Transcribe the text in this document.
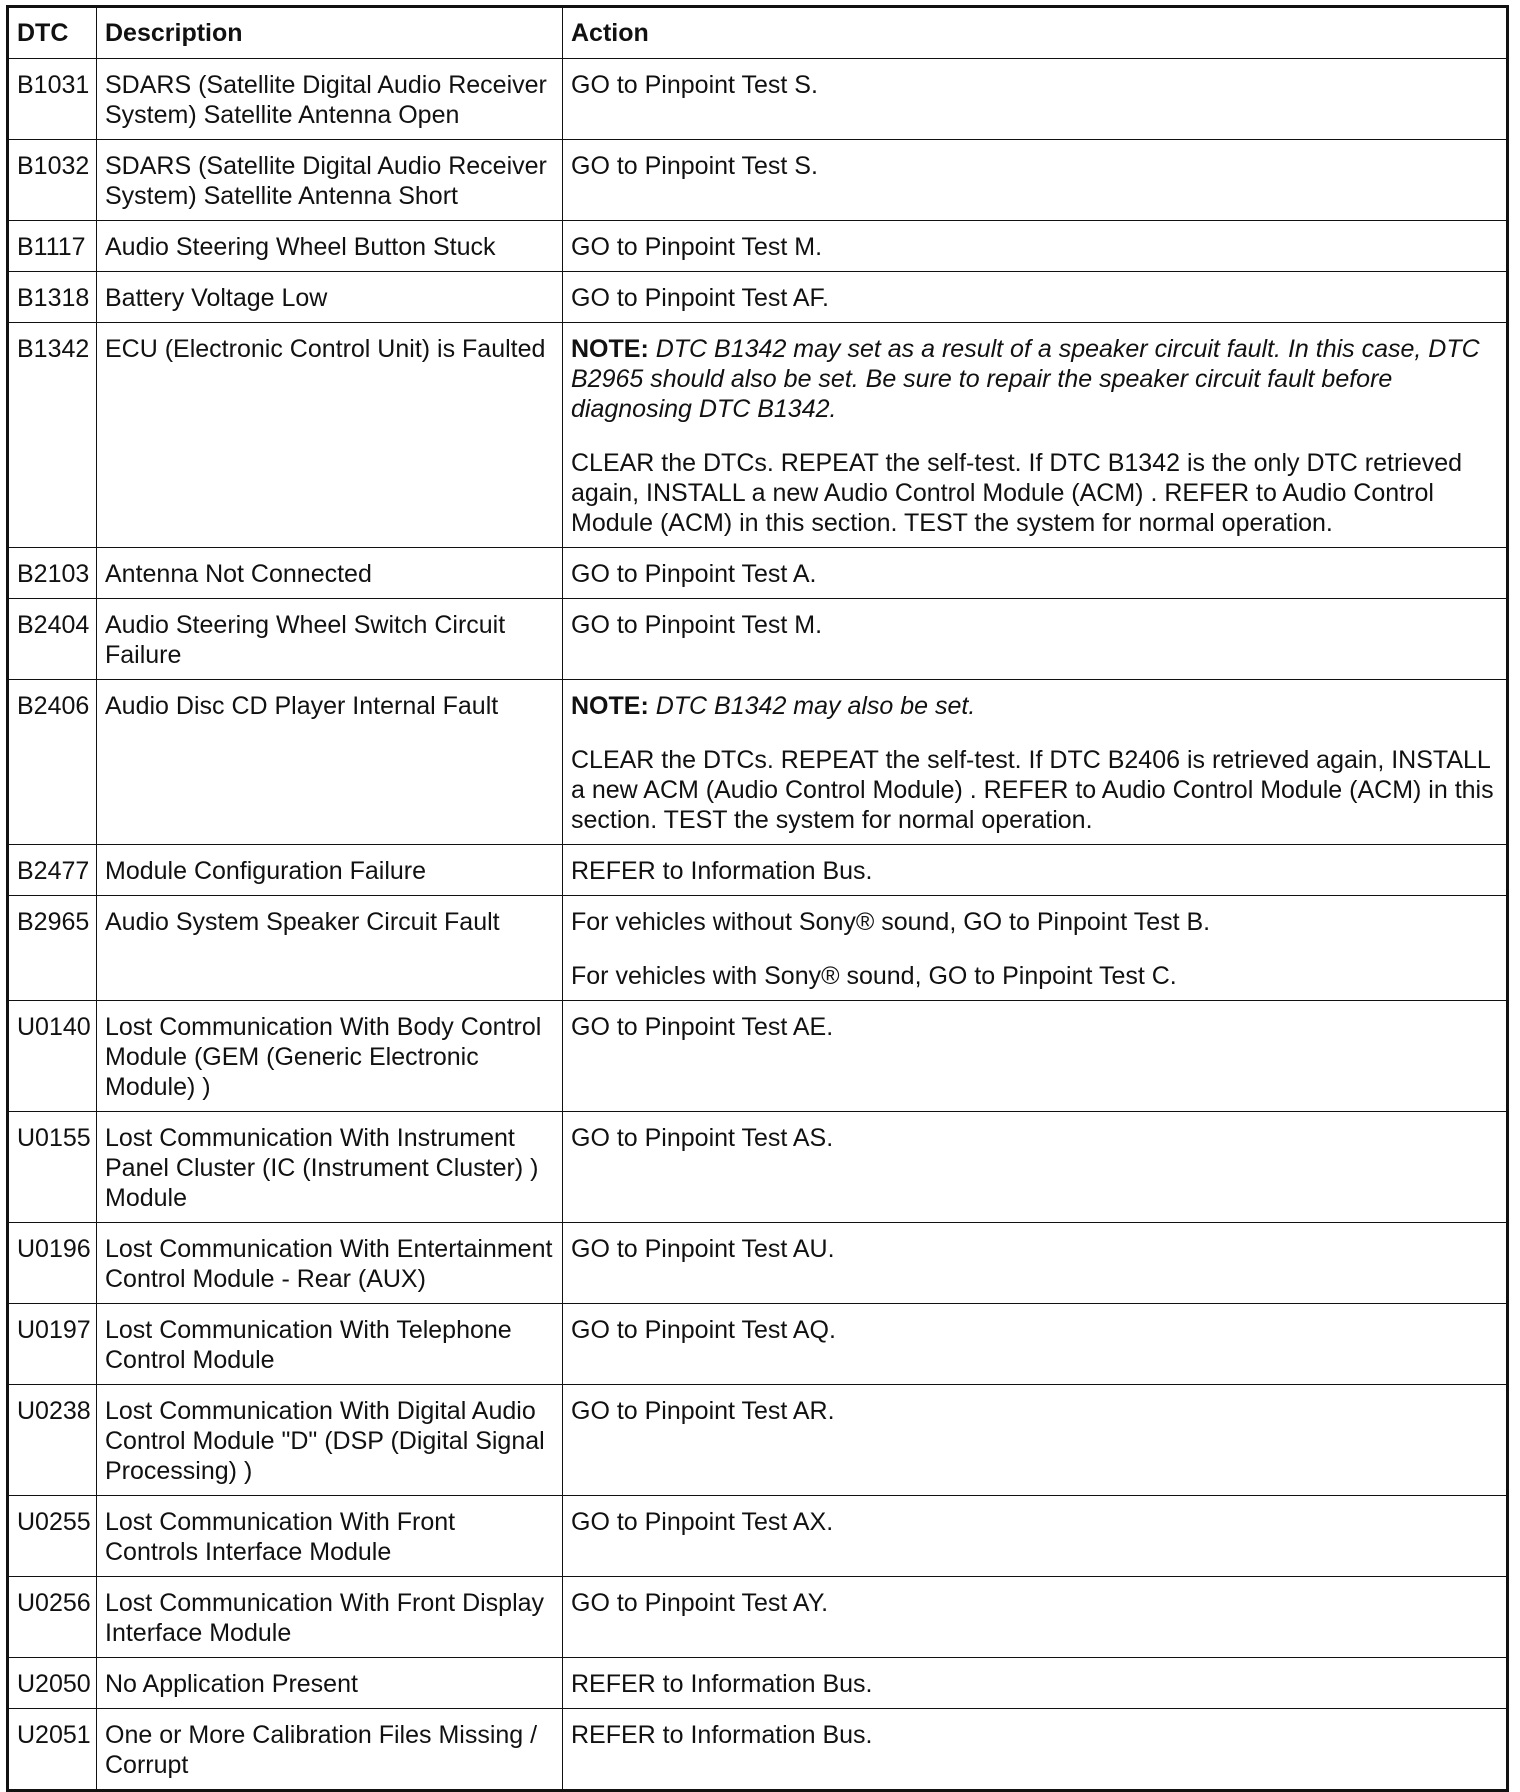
DTC	Description	Action
B1031	SDARS (Satellite Digital Audio Receiver System) Satellite Antenna Open	GO to Pinpoint Test S.

B1032	SDARS (Satellite Digital Audio Receiver System) Satellite Antenna Short	GO to Pinpoint Test S.

B1117	Audio Steering Wheel Button Stuck	GO to Pinpoint Test M.

B1318	Battery Voltage Low	GO to Pinpoint Test AF.

B1342	ECU (Electronic Control Unit) is Faulted	NOTE: DTC B1342 may set as a result of a speaker circuit fault. In this case, DTC B2965 should also be set. Be sure to repair the speaker circuit fault before diagnosing DTC B1342.

CLEAR the DTCs. REPEAT the self-test. If DTC B1342 is the only DTC retrieved again, INSTALL a new Audio Control Module (ACM) . REFER to Audio Control Module (ACM) in this section. TEST the system for normal operation.

B2103	Antenna Not Connected	GO to Pinpoint Test A.

B2404	Audio Steering Wheel Switch Circuit Failure	GO to Pinpoint Test M.

B2406	Audio Disc CD Player Internal Fault	NOTE: DTC B1342 may also be set.

CLEAR the DTCs. REPEAT the self-test. If DTC B2406 is retrieved again, INSTALL a new ACM (Audio Control Module) . REFER to Audio Control Module (ACM) in this section. TEST the system for normal operation.

B2477	Module Configuration Failure	REFER to Information Bus.

B2965	Audio System Speaker Circuit Fault	For vehicles without Sony® sound, GO to Pinpoint Test B.

For vehicles with Sony® sound, GO to Pinpoint Test C.

U0140	Lost Communication With Body Control Module (GEM (Generic Electronic Module) )	GO to Pinpoint Test AE.

U0155	Lost Communication With Instrument Panel Cluster (IC (Instrument Cluster) ) Module	GO to Pinpoint Test AS.

U0196	Lost Communication With Entertainment Control Module - Rear (AUX)	GO to Pinpoint Test AU.

U0197	Lost Communication With Telephone Control Module	GO to Pinpoint Test AQ.

U0238	Lost Communication With Digital Audio Control Module "D" (DSP (Digital Signal Processing) )	GO to Pinpoint Test AR.

U0255	Lost Communication With Front Controls Interface Module	GO to Pinpoint Test AX.

U0256	Lost Communication With Front Display Interface Module	GO to Pinpoint Test AY.

U2050	No Application Present	REFER to Information Bus.

U2051	One or More Calibration Files Missing / Corrupt	REFER to Information Bus.
